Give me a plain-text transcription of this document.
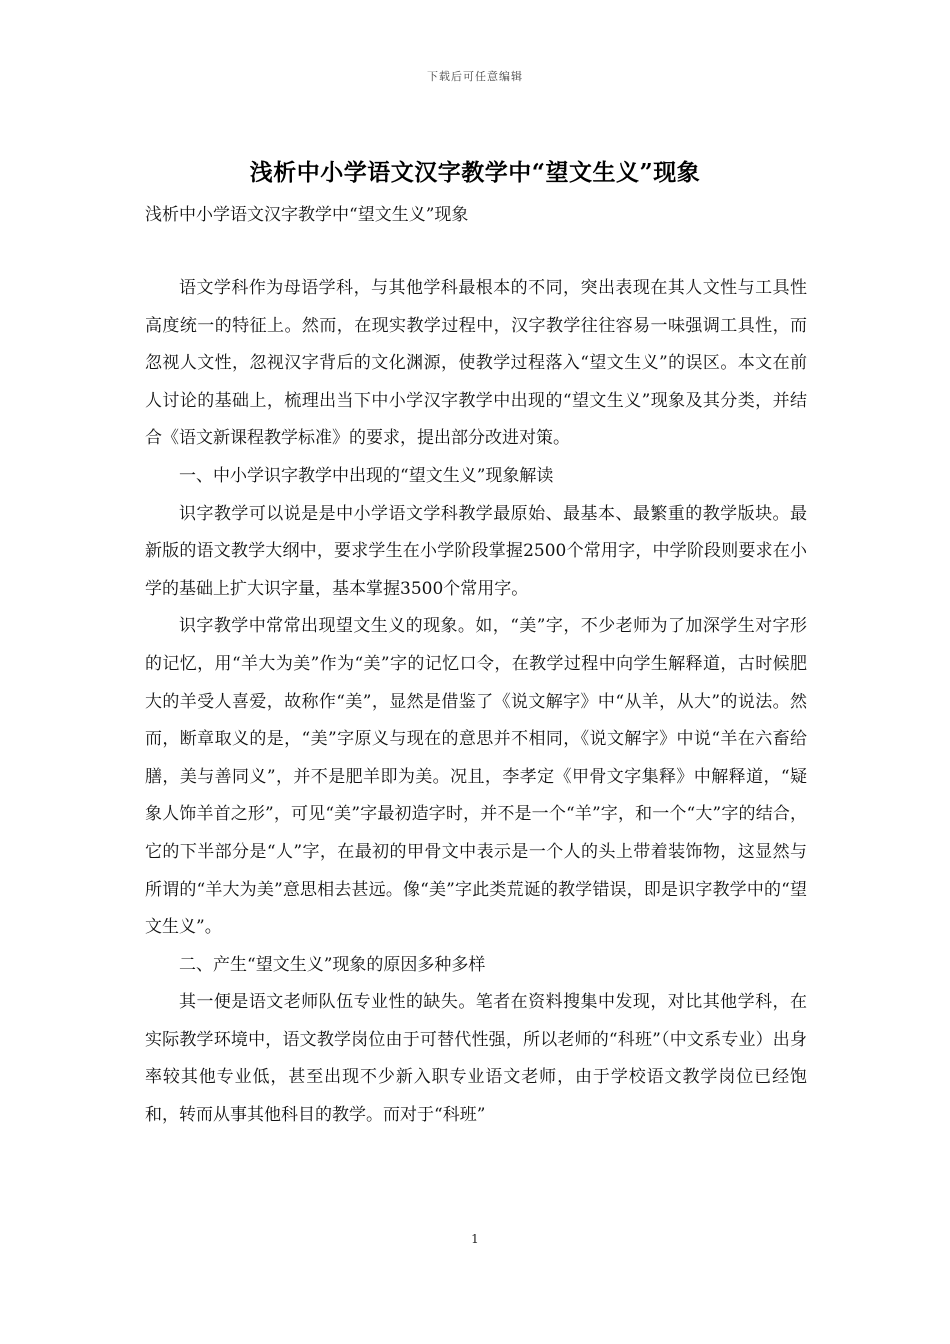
下载后可任意编辑
浅析中小学语文汉字教学中“望文生义”现象

浅析中小学语文汉字教学中“望文生义”现象

语文学科作为母语学科，与其他学科最根本的不同，突出表现在其人文性与工具性高度统一的特征上。然而，在现实教学过程中，汉字教学往往容易一味强调工具性，而忽视人文性，忽视汉字背后的文化渊源，使教学过程落入“望文生义”的误区。本文在前人讨论的基础上，梳理出当下中小学汉字教学中出现的“望文生义”现象及其分类，并结合《语文新课程教学标准》的要求，提出部分改进对策。

一、中小学识字教学中出现的“望文生义”现象解读

识字教学可以说是是中小学语文学科教学最原始、最基本、最繁重的教学版块。最新版的语文教学大纲中，要求学生在小学阶段掌握2500个常用字，中学阶段则要求在小学的基础上扩大识字量，基本掌握3500个常用字。

识字教学中常常出现望文生义的现象。如，“美”字，不少老师为了加深学生对字形的记忆，用“羊大为美”作为“美”字的记忆口令，在教学过程中向学生解释道，古时候肥大的羊受人喜爱，故称作“美”，显然是借鉴了《说文解字》中“从羊，从大”的说法。然而，断章取义的是，“美”字原义与现在的意思并不相同，《说文解字》中说“羊在六畜给膳，美与善同义”，并不是肥羊即为美。况且，李孝定《甲骨文字集释》中解释道，“疑象人饰羊首之形”，可见“美”字最初造字时，并不是一个“羊”字，和一个“大”字的结合，它的下半部分是“人”字，在最初的甲骨文中表示是一个人的头上带着装饰物，这显然与所谓的“羊大为美”意思相去甚远。像“美”字此类荒诞的教学错误，即是识字教学中的“望文生义”。

二、产生“望文生义”现象的原因多种多样

其一便是语文老师队伍专业性的缺失。笔者在资料搜集中发现，对比其他学科，在实际教学环境中，语文教学岗位由于可替代性强，所以老师的“科班”（中文系专业）出身率较其他专业低，甚至出现不少新入职专业语文老师，由于学校语文教学岗位已经饱和，转而从事其他科目的教学。而对于“科班”

1
